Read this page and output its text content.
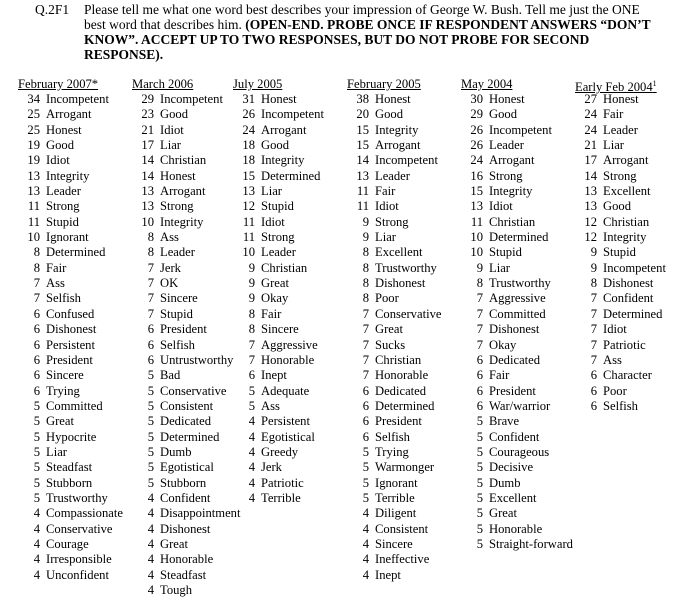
Q.2F1 Please tell me what one word best describes your impression of George W. Bush. Tell me just the ONE best word that describes him. (OPEN-END. PROBE ONCE IF RESPONDENT ANSWERS “DON’T KNOW”. ACCEPT UP TO TWO RESPONSES, BUT DO NOT PROBE FOR SECOND RESPONSE).
February 2007*
34 Incompetent
25 Arrogant
25 Honest
19 Good
19 Idiot
13 Integrity
13 Leader
11 Strong
11 Stupid
10 Ignorant
8 Determined
8 Fair
7 Ass
7 Selfish
6 Confused
6 Dishonest
6 Persistent
6 President
6 Sincere
6 Trying
5 Committed
5 Great
5 Hypocrite
5 Liar
5 Steadfast
5 Stubborn
5 Trustworthy
4 Compassionate
4 Conservative
4 Courage
4 Irresponsible
4 Unconfident
March 2006
29 Incompetent
23 Good
21 Idiot
17 Liar
14 Christian
14 Honest
13 Arrogant
13 Strong
10 Integrity
8 Ass
8 Leader
7 Jerk
7 OK
7 Sincere
7 Stupid
6 President
6 Selfish
6 Untrustworthy
5 Bad
5 Conservative
5 Consistent
5 Dedicated
5 Determined
5 Dumb
5 Egotistical
5 Stubborn
4 Confident
4 Disappointment
4 Dishonest
4 Great
4 Honorable
4 Steadfast
4 Tough
July 2005
31 Honest
26 Incompetent
24 Arrogant
18 Good
18 Integrity
15 Determined
13 Liar
12 Stupid
11 Idiot
11 Strong
10 Leader
9 Christian
9 Great
9 Okay
8 Fair
8 Sincere
7 Aggressive
7 Honorable
6 Inept
5 Adequate
5 Ass
4 Persistent
4 Egotistical
4 Greedy
4 Jerk
4 Patriotic
4 Terrible
February 2005
38 Honest
20 Good
15 Integrity
15 Arrogant
14 Incompetent
13 Leader
11 Fair
11 Idiot
9 Strong
9 Liar
8 Excellent
8 Trustworthy
8 Dishonest
8 Poor
7 Conservative
7 Great
7 Sucks
7 Christian
7 Honorable
6 Dedicated
6 Determined
6 President
6 Selfish
5 Trying
5 Warmonger
5 Ignorant
5 Terrible
4 Diligent
4 Consistent
4 Sincere
4 Ineffective
4 Inept
May 2004
30 Honest
29 Good
26 Incompetent
26 Leader
24 Arrogant
16 Strong
15 Integrity
13 Idiot
11 Christian
10 Determined
10 Stupid
9 Liar
8 Trustworthy
7 Aggressive
7 Committed
7 Dishonest
7 Okay
6 Dedicated
6 Fair
6 President
6 War/warrior
5 Brave
5 Confident
5 Courageous
5 Decisive
5 Dumb
5 Excellent
5 Great
5 Honorable
5 Straight-forward
Early Feb 2004$^1$
27 Honest
24 Fair
24 Leader
21 Liar
17 Arrogant
14 Strong
13 Excellent
13 Good
12 Christian
12 Integrity
9 Stupid
9 Incompetent
8 Dishonest
7 Confident
7 Determined
7 Idiot
7 Patriotic
7 Ass
6 Character
6 Poor
6 Selfish
